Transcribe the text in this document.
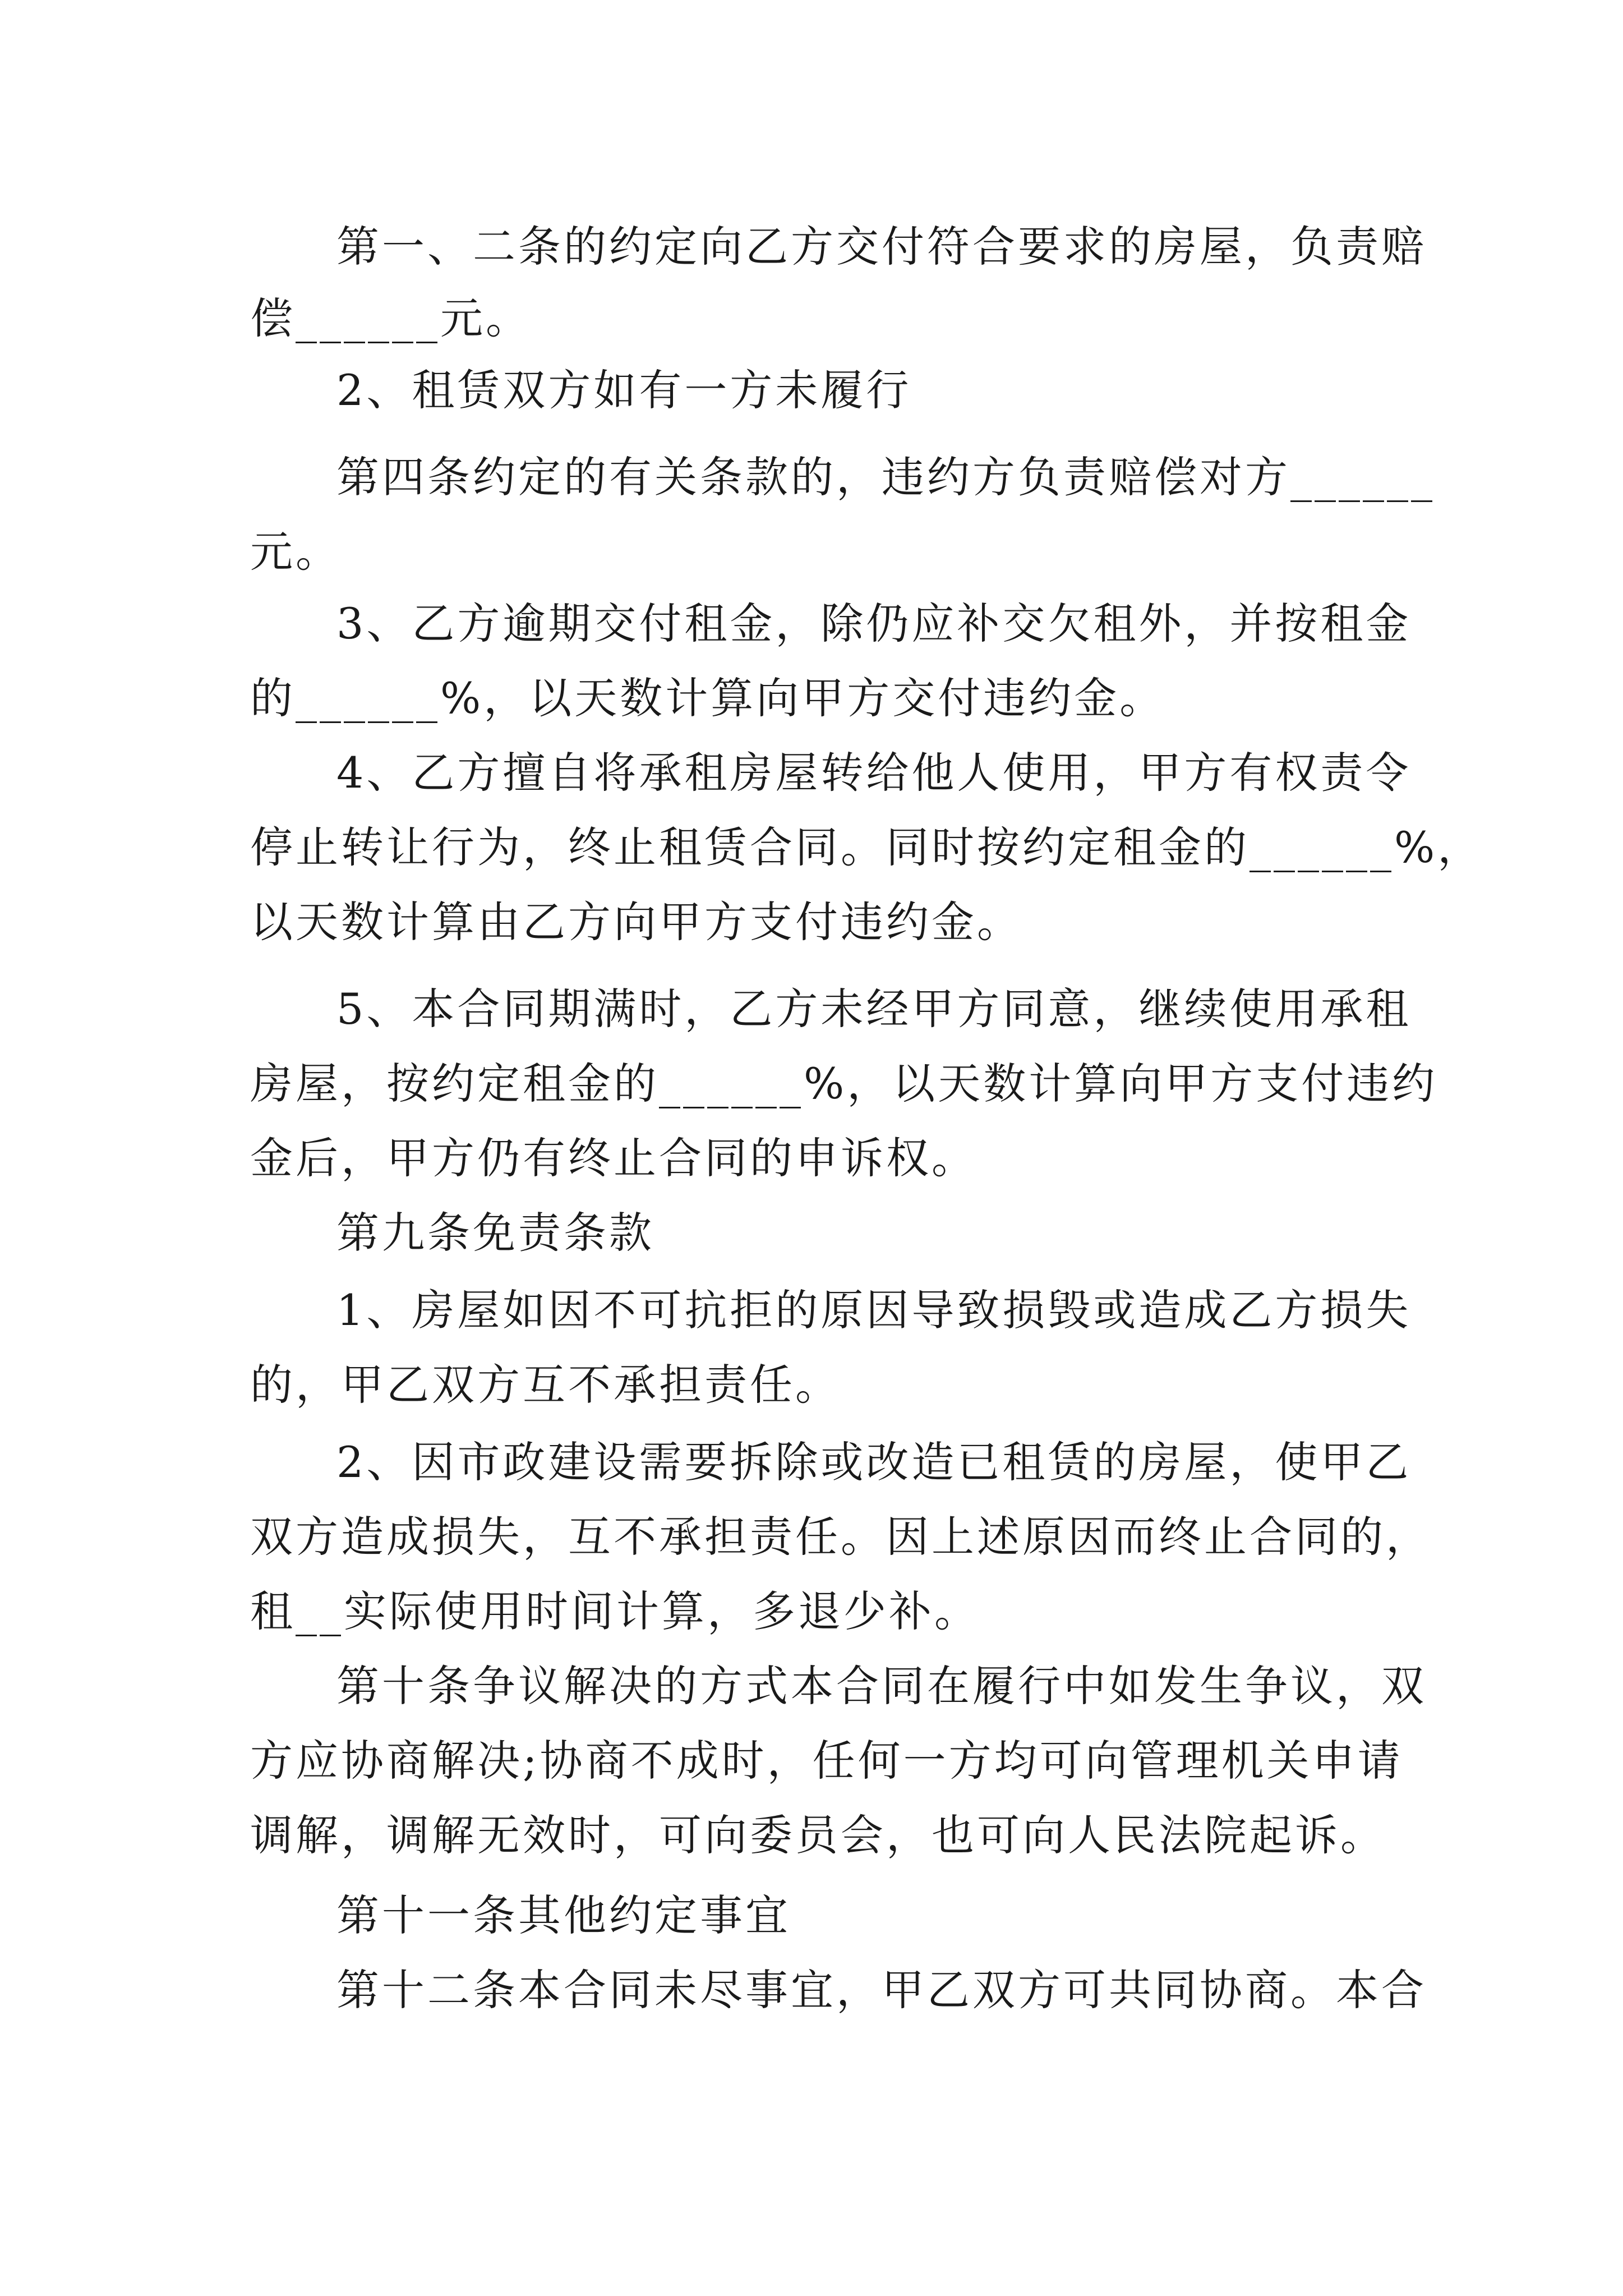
第一、二条的约定向乙方交付符合要求的房屋，负责赔
偿______元。
2、租赁双方如有一方未履行
第四条约定的有关条款的，违约方负责赔偿对方______
元。
3、乙方逾期交付租金，除仍应补交欠租外，并按租金
的______%，以天数计算向甲方交付违约金。
4、乙方擅自将承租房屋转给他人使用，甲方有权责令
停止转让行为，终止租赁合同。同时按约定租金的______%，
以天数计算由乙方向甲方支付违约金。
5、本合同期满时，乙方未经甲方同意，继续使用承租
房屋，按约定租金的______%，以天数计算向甲方支付违约
金后，甲方仍有终止合同的申诉权。
第九条免责条款
1、房屋如因不可抗拒的原因导致损毁或造成乙方损失
的，甲乙双方互不承担责任。
2、因市政建设需要拆除或改造已租赁的房屋，使甲乙
双方造成损失，互不承担责任。因上述原因而终止合同的，
租__实际使用时间计算，多退少补。
第十条争议解决的方式本合同在履行中如发生争议，双
方应协商解决;协商不成时，任何一方均可向管理机关申请
调解，调解无效时，可向委员会，也可向人民法院起诉。
第十一条其他约定事宜
第十二条本合同未尽事宜，甲乙双方可共同协商。本合
